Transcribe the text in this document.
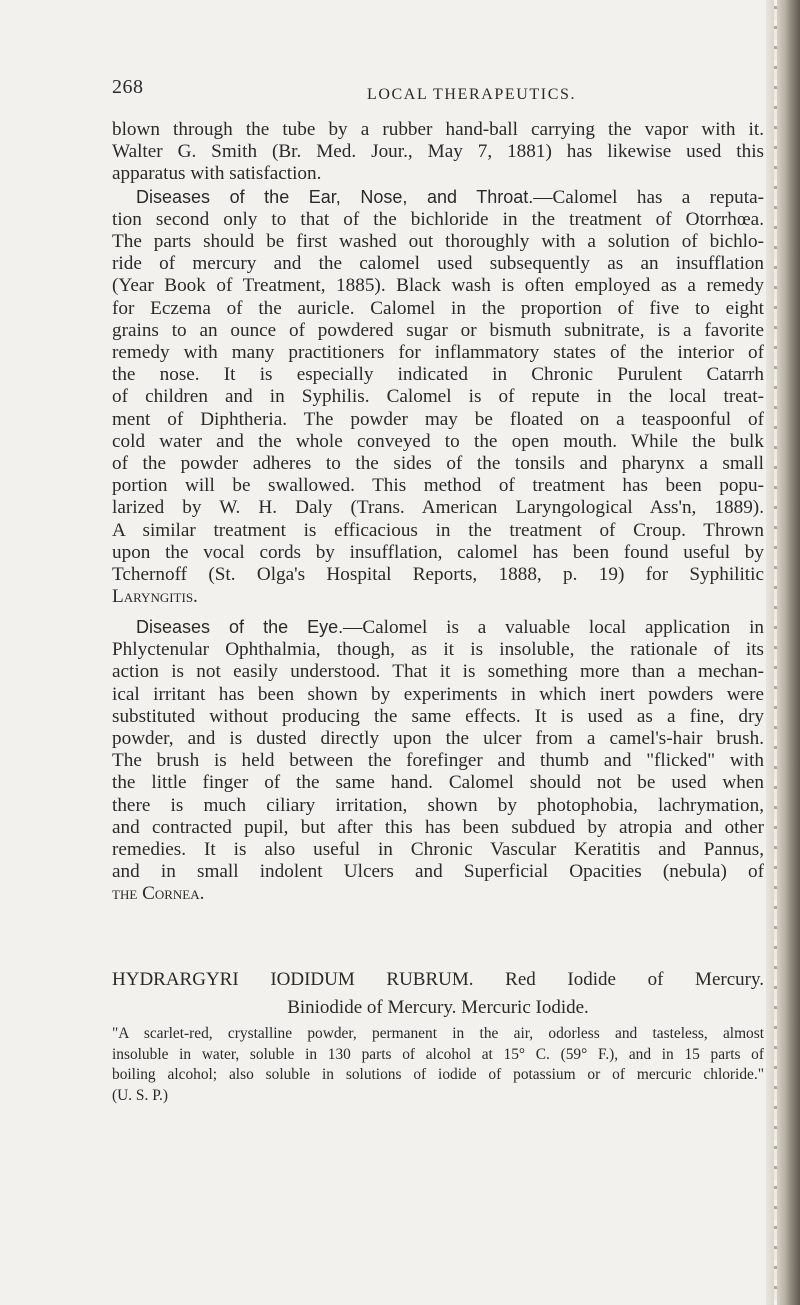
268	LOCAL THERAPEUTICS.
blown through the tube by a rubber hand-ball carrying the vapor with it.
Walter G. Smith (Br. Med. Jour., May 7, 1881) has likewise used this
apparatus with satisfaction.
Diseases of the Ear, Nose, and Throat.—Calomel has a reputa-
tion second only to that of the bichloride in the treatment of Otorrhœa.
The parts should be first washed out thoroughly with a solution of bichlo-
ride of mercury and the calomel used subsequently as an insufflation
(Year Book of Treatment, 1885). Black wash is often employed as a remedy
for Eczema of the auricle. Calomel in the proportion of five to eight
grains to an ounce of powdered sugar or bismuth subnitrate, is a favorite
remedy with many practitioners for inflammatory states of the interior of
the nose. It is especially indicated in Chronic Purulent Catarrh
of children and in Syphilis. Calomel is of repute in the local treat-
ment of Diphtheria. The powder may be floated on a teaspoonful of
cold water and the whole conveyed to the open mouth. While the bulk
of the powder adheres to the sides of the tonsils and pharynx a small
portion will be swallowed. This method of treatment has been popu-
larized by W. H. Daly (Trans. American Laryngological Ass'n, 1889).
A similar treatment is efficacious in the treatment of Croup. Thrown
upon the vocal cords by insufflation, calomel has been found useful by
Tchernoff (St. Olga's Hospital Reports, 1888, p. 19) for Syphilitic
Laryngitis.
Diseases of the Eye.—Calomel is a valuable local application in
Phlyctenular Ophthalmia, though, as it is insoluble, the rationale of its
action is not easily understood. That it is something more than a mechan-
ical irritant has been shown by experiments in which inert powders were
substituted without producing the same effects. It is used as a fine, dry
powder, and is dusted directly upon the ulcer from a camel's-hair brush.
The brush is held between the forefinger and thumb and "flicked" with
the little finger of the same hand. Calomel should not be used when
there is much ciliary irritation, shown by photophobia, lachrymation,
and contracted pupil, but after this has been subdued by atropia and other
remedies. It is also useful in Chronic Vascular Keratitis and Pannus,
and in small indolent Ulcers and Superficial Opacities (nebula) of
the Cornea.
HYDRARGYRI IODIDUM RUBRUM. Red Iodide of Mercury.
Biniodide of Mercury. Mercuric Iodide.
"A scarlet-red, crystalline powder, permanent in the air, odorless and tasteless, almost
insoluble in water, soluble in 130 parts of alcohol at 15° C. (59° F.), and in 15 parts of
boiling alcohol; also soluble in solutions of iodide of potassium or of mercuric chloride."
(U. S. P.)
